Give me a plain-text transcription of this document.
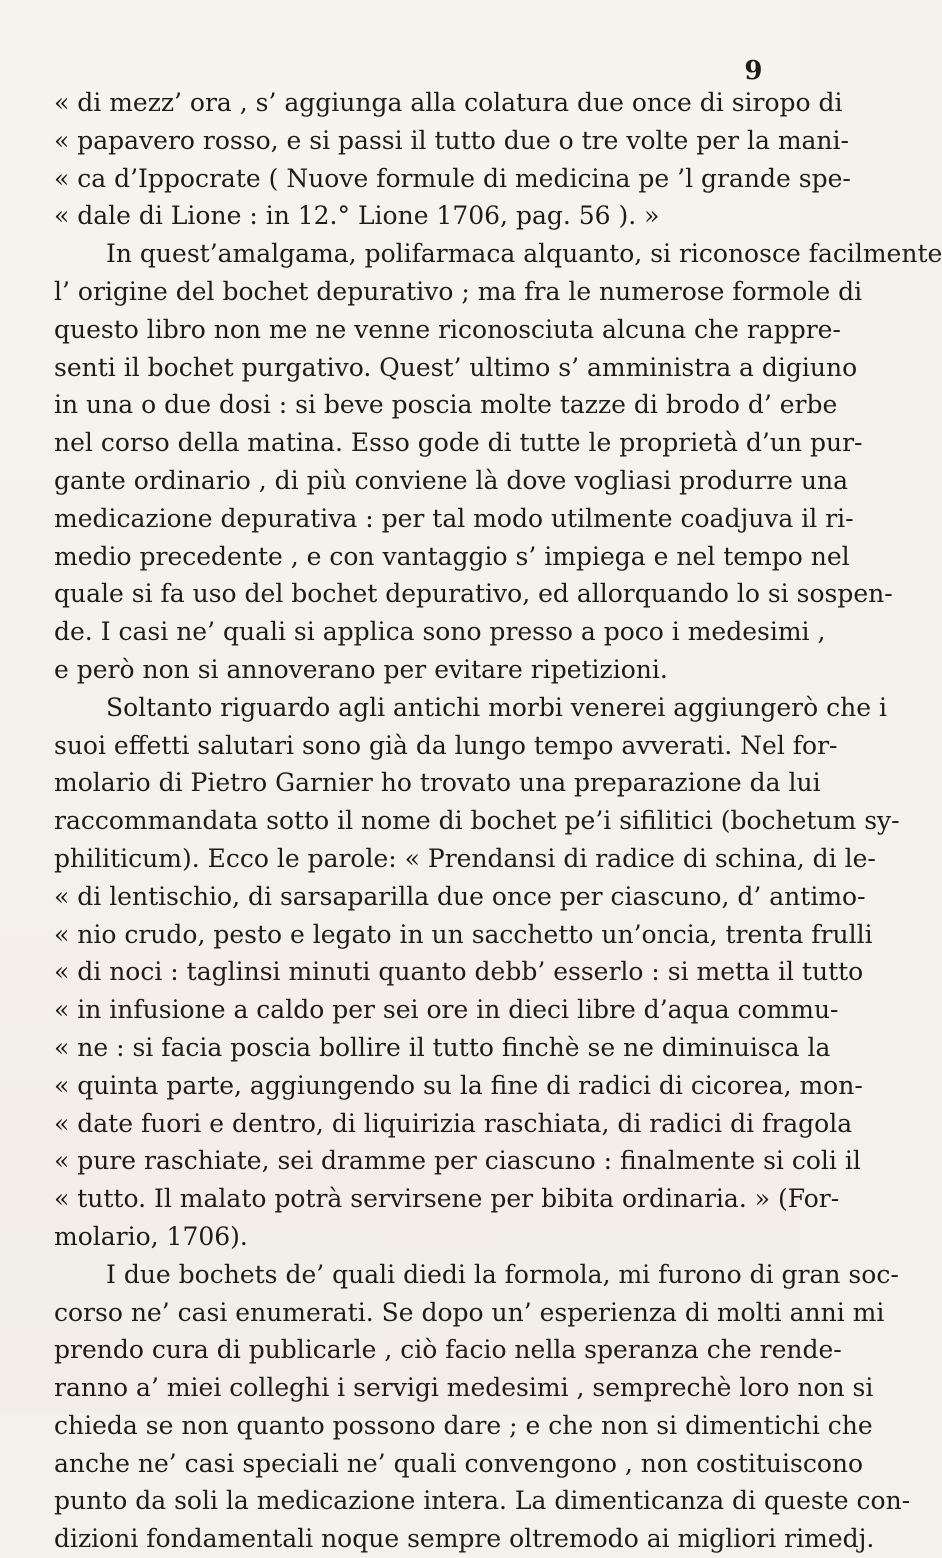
9
« di mezz’ ora , s’ aggiunga alla colatura due once di siropo di
« papavero rosso, e si passi il tutto due o tre volte per la mani-
« ca d’Ippocrate ( Nuove formule di medicina pe ’l grande spe-
« dale di Lione : in 12.° Lione 1706, pag. 56 ). »
In quest’amalgama, polifarmaca alquanto, si riconosce facilmente
l’ origine del bochet depurativo ; ma fra le numerose formole di
questo libro non me ne venne riconosciuta alcuna che rappre-
senti il bochet purgativo. Quest’ ultimo s’ amministra a digiuno
in una o due dosi : si beve poscia molte tazze di brodo d’ erbe
nel corso della matina. Esso gode di tutte le proprietà d’un pur-
gante ordinario , di più conviene là dove vogliasi produrre una
medicazione depurativa : per tal modo utilmente coadjuva il ri-
medio precedente , e con vantaggio s’ impiega e nel tempo nel
quale si fa uso del bochet depurativo, ed allorquando lo si sospen-
de. I casi ne’ quali si applica sono presso a poco i medesimi ,
e però non si annoverano per evitare ripetizioni.
Soltanto riguardo agli antichi morbi venerei aggiungerò che i
suoi effetti salutari sono già da lungo tempo avverati. Nel for-
molario di Pietro Garnier ho trovato una preparazione da lui
raccommandata sotto il nome di bochet pe’i sifilitici (bochetum sy-
philiticum). Ecco le parole: « Prendansi di radice di schina, di le-
« di lentischio, di sarsaparilla due once per ciascuno, d’ antimo-
« nio crudo, pesto e legato in un sacchetto un’oncia, trenta frulli
« di noci : taglinsi minuti quanto debb’ esserlo : si metta il tutto
« in infusione a caldo per sei ore in dieci libre d’aqua commu-
« ne : si facia poscia bollire il tutto finchè se ne diminuisca la
« quinta parte, aggiungendo su la fine di radici di cicorea, mon-
« date fuori e dentro, di liquirizia raschiata, di radici di fragola
« pure raschiate, sei dramme per ciascuno : finalmente si coli il
« tutto. Il malato potrà servirsene per bibita ordinaria. » (For-
molario, 1706).
I due bochets de’ quali diedi la formola, mi furono di gran soc-
corso ne’ casi enumerati. Se dopo un’ esperienza di molti anni mi
prendo cura di publicarle , ciò facio nella speranza che rende-
ranno a’ miei colleghi i servigi medesimi , semprechè loro non si
chieda se non quanto possono dare ; e che non si dimentichi che
anche ne’ casi speciali ne’ quali convengono , non costituiscono
punto da soli la medicazione intera. La dimenticanza di queste con-
dizioni fondamentali noque sempre oltremodo ai migliori rimedj.
